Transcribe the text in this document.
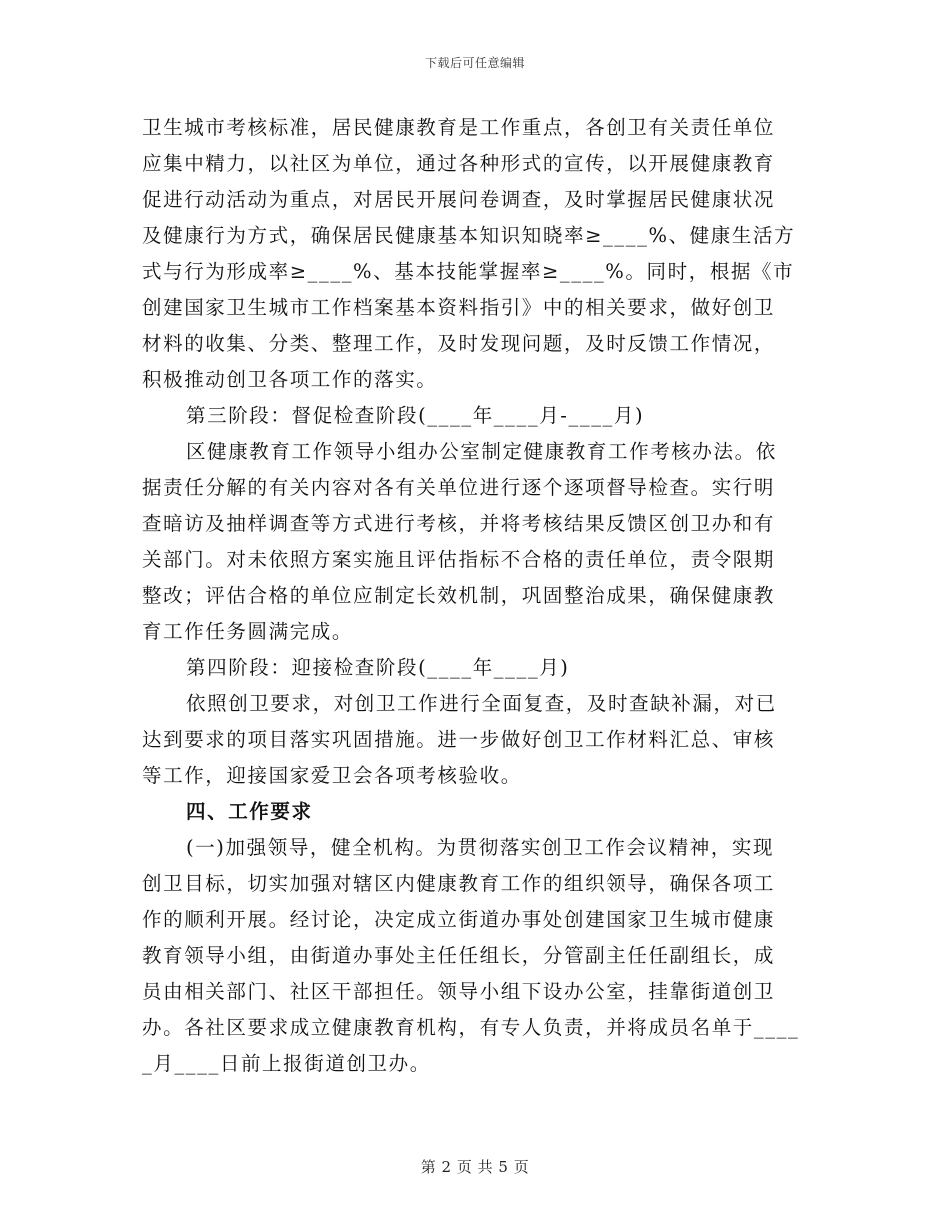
下载后可任意编辑
卫生城市考核标准，居民健康教育是工作重点，各创卫有关责任单位
应集中精力，以社区为单位，通过各种形式的宣传，以开展健康教育
促进行动活动为重点，对居民开展问卷调查，及时掌握居民健康状况
及健康行为方式，确保居民健康基本知识知晓率≥____%、健康生活方
式与行为形成率≥____%、基本技能掌握率≥____%。同时，根据《市
创建国家卫生城市工作档案基本资料指引》中的相关要求，做好创卫
材料的收集、分类、整理工作，及时发现问题，及时反馈工作情况，
积极推动创卫各项工作的落实。
第三阶段：督促检查阶段(____年____月-____月)
区健康教育工作领导小组办公室制定健康教育工作考核办法。依
据责任分解的有关内容对各有关单位进行逐个逐项督导检查。实行明
查暗访及抽样调查等方式进行考核，并将考核结果反馈区创卫办和有
关部门。对未依照方案实施且评估指标不合格的责任单位，责令限期
整改；评估合格的单位应制定长效机制，巩固整治成果，确保健康教
育工作任务圆满完成。
第四阶段：迎接检查阶段(____年____月)
依照创卫要求，对创卫工作进行全面复查，及时查缺补漏，对已
达到要求的项目落实巩固措施。进一步做好创卫工作材料汇总、审核
等工作，迎接国家爱卫会各项考核验收。
四、工作要求
(一)加强领导，健全机构。为贯彻落实创卫工作会议精神，实现
创卫目标，切实加强对辖区内健康教育工作的组织领导，确保各项工
作的顺利开展。经讨论，决定成立街道办事处创建国家卫生城市健康
教育领导小组，由街道办事处主任任组长，分管副主任任副组长，成
员由相关部门、社区干部担任。领导小组下设办公室，挂靠街道创卫
办。各社区要求成立健康教育机构，有专人负责，并将成员名单于____
_月____日前上报街道创卫办。
第 2 页 共 5 页
